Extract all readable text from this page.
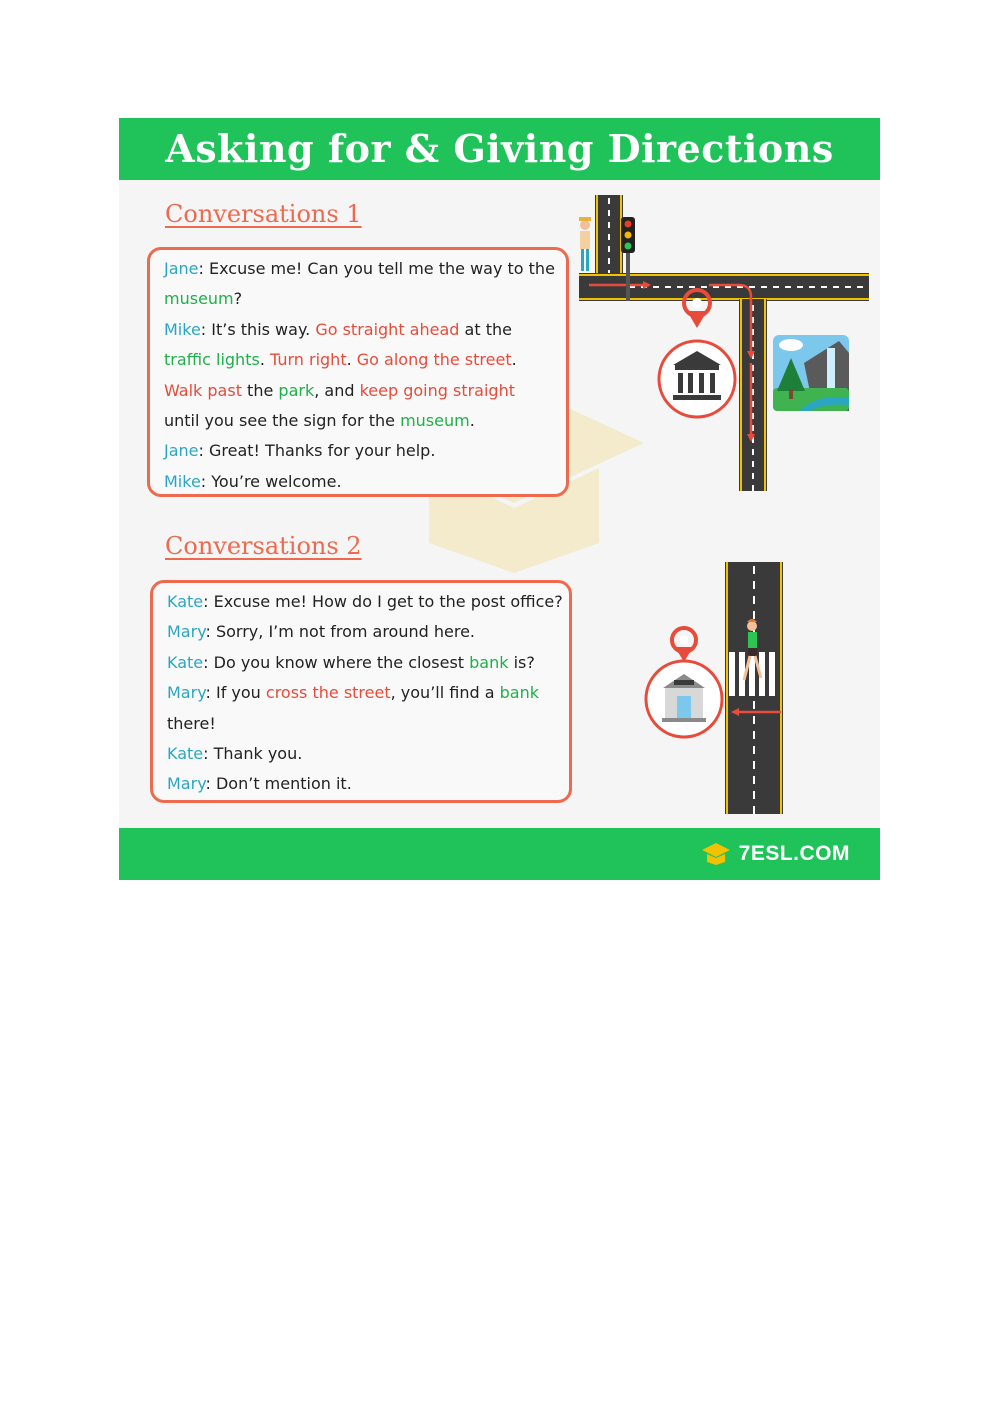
Asking for & Giving Directions
Conversations 1
Jane: Excuse me! Can you tell me the way to the
museum?
Mike: It’s this way. Go straight ahead at the
traffic lights. Turn right. Go along the street.
Walk past the park, and keep going straight
until you see the sign for the museum.
Jane: Great! Thanks for your help.
Mike: You’re welcome.
Conversations 2
Kate: Excuse me! How do I get to the post office?
Mary: Sorry, I’m not from around here.
Kate: Do you know where the closest bank is?
Mary: If you cross the street, you’ll find a bank
there!
Kate: Thank you.
Mary: Don’t mention it.
7ESL.COM
